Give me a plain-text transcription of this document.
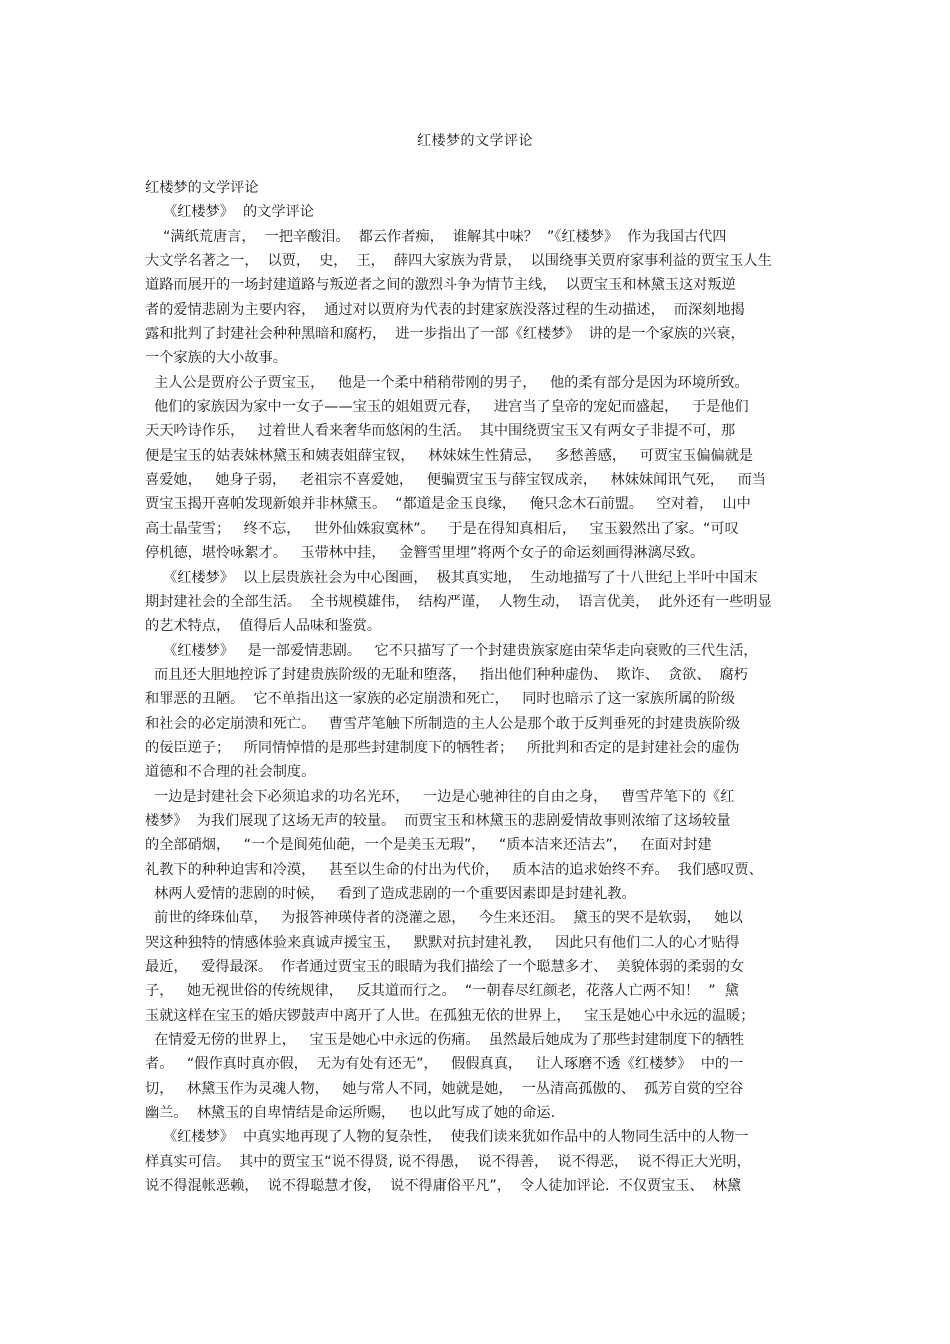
红楼梦的文学评论
红楼梦的文学评论
《红楼梦》  的文学评论
“满纸荒唐言，  一把辛酸泪。  都云作者痴，  谁解其中味？  ”《红楼梦》  作为我国古代四
大文学名著之一，  以贾，  史，  王，  薛四大家族为背景，  以围绕事关贾府家事利益的贾宝玉人生
道路而展开的一场封建道路与叛逆者之间的激烈斗争为情节主线，  以贾宝玉和林黛玉这对叛逆
者的爱情悲剧为主要内容，  通过对以贾府为代表的封建家族没落过程的生动描述，  而深刻地揭
露和批判了封建社会种种黑暗和腐朽，  进一步指出了一部《红楼梦》  讲的是一个家族的兴衰，
一个家族的大小故事。
主人公是贾府公子贾宝玉，   他是一个柔中稍稍带刚的男子，   他的柔有部分是因为环境所致。
他们的家族因为家中一女子——宝玉的姐姐贾元春，   进宫当了皇帝的宠妃而盛起，   于是他们
天天吟诗作乐，   过着世人看来奢华而悠闲的生活。  其中围绕贾宝玉又有两女子非提不可，那
便是宝玉的姑表妹林黛玉和姨表姐薛宝钗，   林妹妹生性猜忌，   多愁善感，   可贾宝玉偏偏就是
喜爱她，   她身子弱，   老祖宗不喜爱她，   便骗贾宝玉与薛宝钗成亲，   林妹妹闻讯气死，   而当
贾宝玉揭开喜帕发现新娘并非林黛玉。  “都道是金玉良缘，   俺只念木石前盟。   空对着，  山中
高士晶莹雪；   终不忘，   世外仙姝寂寞林”。   于是在得知真相后，   宝玉毅然出了家。“可叹
停机德，堪怜咏絮才。   玉带林中挂，   金簪雪里埋”将两个女子的命运刻画得淋漓尽致。
《红楼梦》  以上层贵族社会为中心图画，  极其真实地，  生动地描写了十八世纪上半叶中国末
期封建社会的全部生活。  全书规模雄伟，  结构严谨，  人物生动，  语言优美，  此外还有一些明显
的艺术特点，  值得后人品味和鉴赏。
《红楼梦》   是一部爱情悲剧。   它不只描写了一个封建贵族家庭由荣华走向衰败的三代生活，
而且还大胆地控诉了封建贵族阶级的无耻和堕落，   指出他们种种虚伪、  欺诈、  贪欲、  腐朽
和罪恶的丑陋。  它不单指出这一家族的必定崩溃和死亡，   同时也暗示了这一家族所属的阶级
和社会的必定崩溃和死亡。   曹雪芹笔触下所制造的主人公是那个敢于反判垂死的封建贵族阶级
的佞臣逆子；   所同情悼惜的是那些封建制度下的牺牲者；   所批判和否定的是封建社会的虚伪
道德和不合理的社会制度。
一边是封建社会下必须追求的功名光环，   一边是心驰神往的自由之身，   曹雪芹笔下的《红
楼梦》  为我们展现了这场无声的较量。  而贾宝玉和林黛玉的悲剧爱情故事则浓缩了这场较量
的全部硝烟，   “一个是阆苑仙葩，一个是美玉无瑕”，   “质本洁来还洁去”，   在面对封建
礼教下的种种迫害和冷漠，   甚至以生命的付出为代价，   质本洁的追求始终不弃。  我们感叹贾、
林两人爱情的悲剧的时候，   看到了造成悲剧的一个重要因素即是封建礼教。
前世的绛珠仙草，   为报答神瑛侍者的浇灌之恩，   今生来还泪。  黛玉的哭不是软弱，   她以
哭这种独特的情感体验来真诚声援宝玉，   默默对抗封建礼教，   因此只有他们二人的心才贴得
最近，   爱得最深。  作者通过贾宝玉的眼睛为我们描绘了一个聪慧多才、  美貌体弱的柔弱的女
子，   她无视世俗的传统规律，   反其道而行之。  “一朝春尽红颜老，花落人亡两不知！  ”  黛
玉就这样在宝玉的婚庆锣鼓声中离开了人世。在孤独无依的世界上，   宝玉是她心中永远的温暖；
在情爱无傍的世界上，   宝玉是她心中永远的伤痛。  虽然最后她成为了那些封建制度下的牺牲
者。   “假作真时真亦假，  无为有处有还无”，   假假真真，   让人琢磨不透《红楼梦》  中的一
切，   林黛玉作为灵魂人物，   她与常人不同，她就是她，  一丛清高孤傲的、  孤芳自赏的空谷
幽兰。  林黛玉的自卑情结是命运所赐，   也以此写成了她的命运.
《红楼梦》  中真实地再现了人物的复杂性，  使我们读来犹如作品中的人物同生活中的人物一
样真实可信。  其中的贾宝玉“说不得贤, 说不得愚，  说不得善，  说不得恶，  说不得正大光明，
说不得混帐恶赖，  说不得聪慧才俊，  说不得庸俗平凡”，  令人徒加评论.  不仅贾宝玉、  林黛
